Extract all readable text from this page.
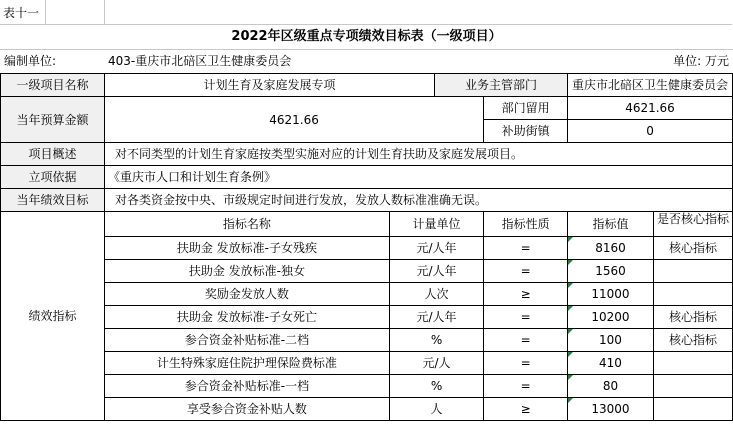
表十一
2022年区级重点专项绩效目标表（一级项目）
编制单位:	403-重庆市北碚区卫生健康委员会	单位: 万元
一级项目名称	计划生育及家庭发展专项		业务主管部门		重庆市北碚区卫生健康委员会	
当年预算金额	4621.66			部门留用	4621.66	
				补助街镇	0	
项目概述	对不同类型的计划生育家庭按类型实施对应的计划生育扶助及家庭发展项目。					
立项依据	《重庆市人口和计划生育条例》					
当年绩效目标	对各类资金按中央、市级规定时间进行发放，发放人数标准准确无误。					
绩效指标	指标名称	计量单位		指标性质	指标值	是否核心指标
	扶助金 发放标准-子女残疾	元/人年		=	8160	核心指标
	扶助金 发放标准-独女	元/人年		=	1560	
	奖励金发放人数	人次		≥	11000	
	扶助金 发放标准-子女死亡	元/人年		=	10200	核心指标
	参合资金补贴标准-二档	%		=	100	核心指标
	计生特殊家庭住院护理保险费标准	元/人		=	410	
	参合资金补贴标准-一档	%		=	80	
	享受参合资金补贴人数	人		≥	13000	
